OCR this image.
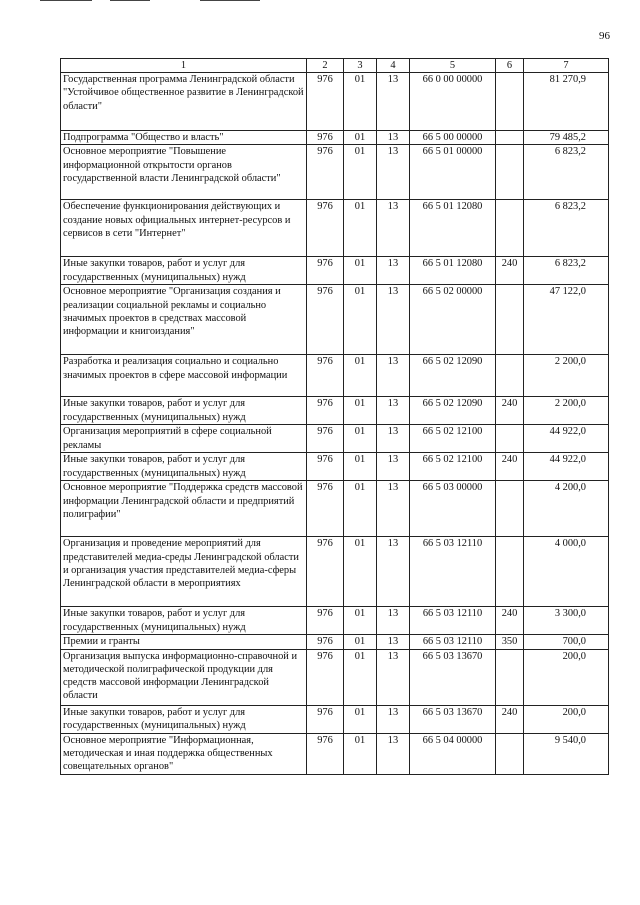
96
1	2	3	4	5	6	7
Государственная программа Ленинградской области "Устойчивое общественное развитие в Ленинградской области"	976	01	13	66 0 00 00000		81 270,9
Подпрограмма "Общество и власть"	976	01	13	66 5 00 00000		79 485,2
Основное мероприятие "Повышение информационной открытости органов государственной власти Ленинградской области"	976	01	13	66 5 01 00000		6 823,2
Обеспечение функционирования действующих и создание новых официальных интернет-ресурсов и сервисов в сети "Интернет"	976	01	13	66 5 01 12080		6 823,2
Иные закупки товаров, работ и услуг для государственных (муниципальных) нужд	976	01	13	66 5 01 12080	240	6 823,2
Основное мероприятие "Организация создания и реализации социальной рекламы и социально значимых проектов в средствах массовой информации и книгоиздания"	976	01	13	66 5 02 00000		47 122,0
Разработка и реализация социально и социально значимых проектов в сфере массовой информации	976	01	13	66 5 02 12090		2 200,0
Иные закупки товаров, работ и услуг для государственных (муниципальных) нужд	976	01	13	66 5 02 12090	240	2 200,0
Организация мероприятий в сфере социальной рекламы	976	01	13	66 5 02 12100		44 922,0
Иные закупки товаров, работ и услуг для государственных (муниципальных) нужд	976	01	13	66 5 02 12100	240	44 922,0
Основное мероприятие "Поддержка средств массовой информации Ленинградской области и предприятий полиграфии"	976	01	13	66 5 03 00000		4 200,0
Организация и проведение мероприятий для представителей медиа-среды Ленинградской области и организация участия представителей медиа-сферы Ленинградской области в мероприятиях	976	01	13	66 5 03 12110		4 000,0
Иные закупки товаров, работ и услуг для государственных (муниципальных) нужд	976	01	13	66 5 03 12110	240	3 300,0
Премии и гранты	976	01	13	66 5 03 12110	350	700,0
Организация выпуска информационно-справочной и методической полиграфической продукции для средств массовой информации Ленинградской области	976	01	13	66 5 03 13670		200,0
Иные закупки товаров, работ и услуг для государственных (муниципальных) нужд	976	01	13	66 5 03 13670	240	200,0
Основное мероприятие "Информационная, методическая и иная поддержка общественных совещательных органов"	976	01	13	66 5 04 00000		9 540,0
